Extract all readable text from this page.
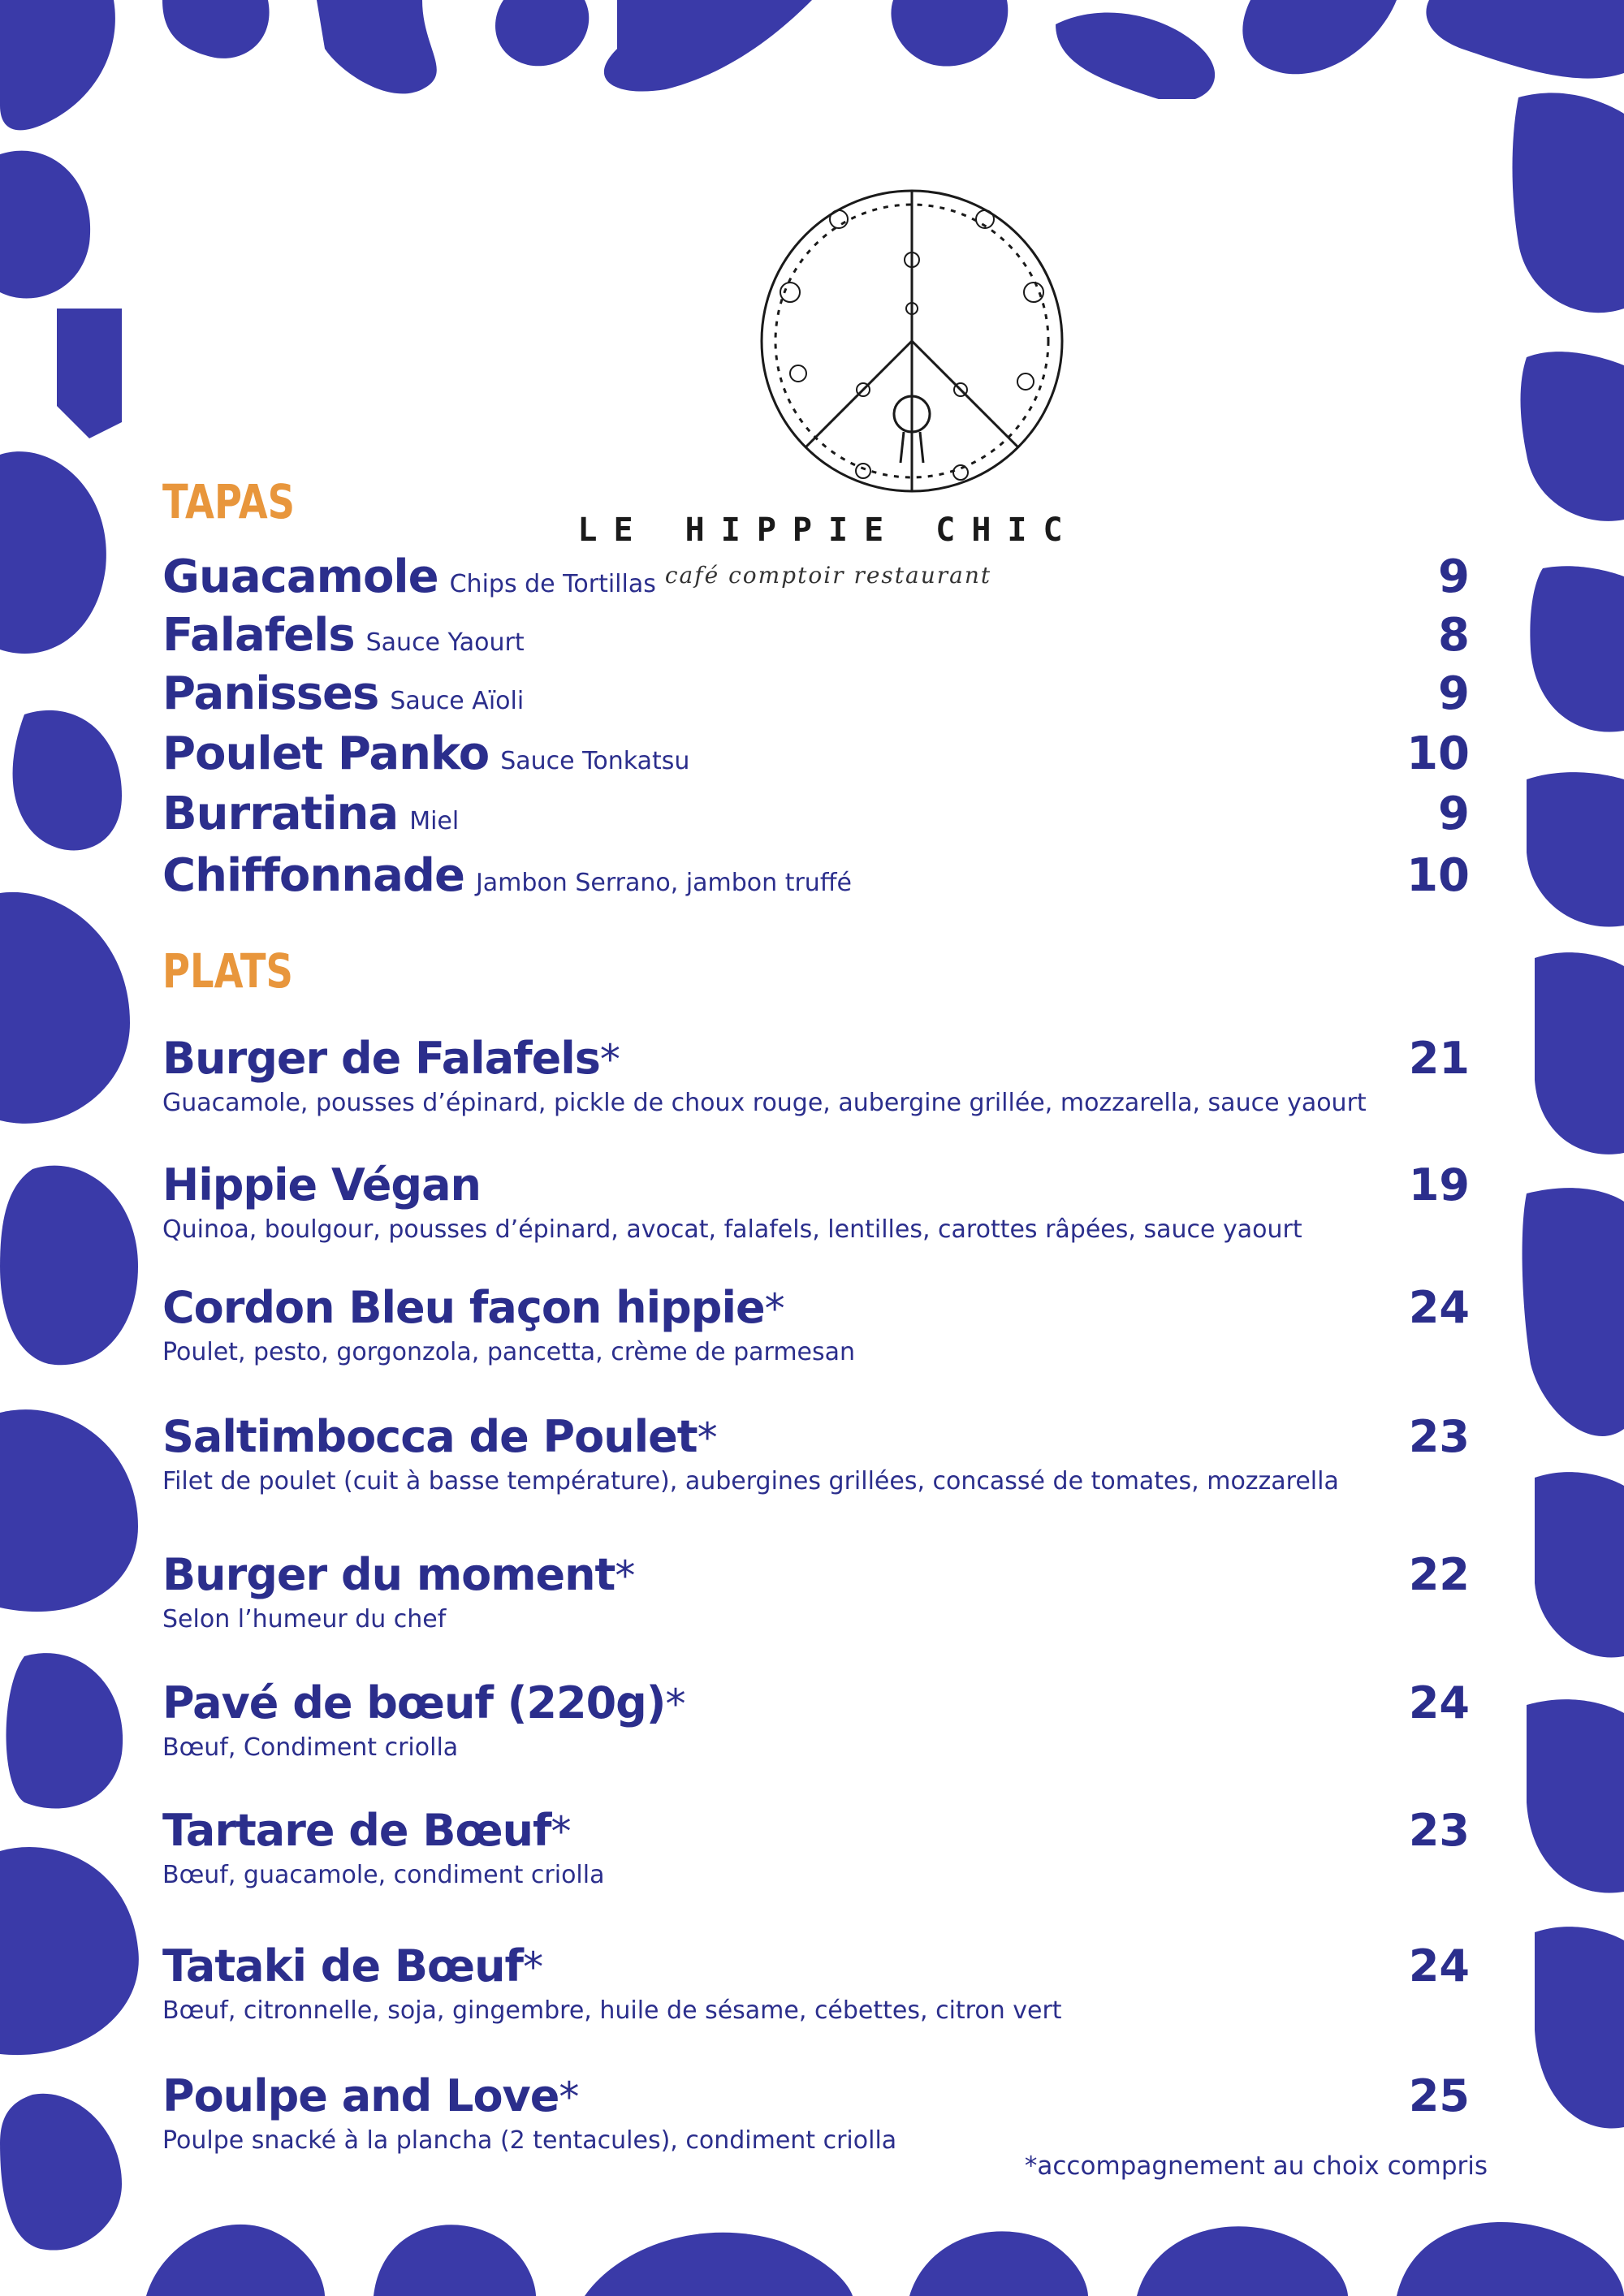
LE HIPPIE CHIC
café comptoir restaurant
TAPAS
Guacamole Chips de Tortillas	9
Falafels Sauce Yaourt	8
Panisses Sauce Aïoli	9
Poulet Panko Sauce Tonkatsu	10
Burratina Miel	9
Chiffonnade Jambon Serrano, jambon truffé	10
PLATS
Burger de Falafels*
Guacamole, pousses d’épinard, pickle de choux rouge, aubergine grillée, mozzarella, sauce yaourt
21
Hippie Végan
Quinoa, boulgour, pousses d’épinard, avocat, falafels, lentilles, carottes râpées, sauce yaourt
19
Cordon Bleu façon hippie*
Poulet, pesto, gorgonzola, pancetta, crème de parmesan
24
Saltimbocca de Poulet*
Filet de poulet (cuit à basse température), aubergines grillées, concassé de tomates, mozzarella
23
Burger du moment*
Selon l’humeur du chef
22
Pavé de bœuf (220g)*
Bœuf, Condiment criolla
24
Tartare de Bœuf*
Bœuf, guacamole, condiment criolla
23
Tataki de Bœuf*
Bœuf, citronnelle, soja, gingembre, huile de sésame, cébettes, citron vert
24
Poulpe and Love*
Poulpe snacké à la plancha (2 tentacules), condiment criolla
25
*accompagnement au choix compris
